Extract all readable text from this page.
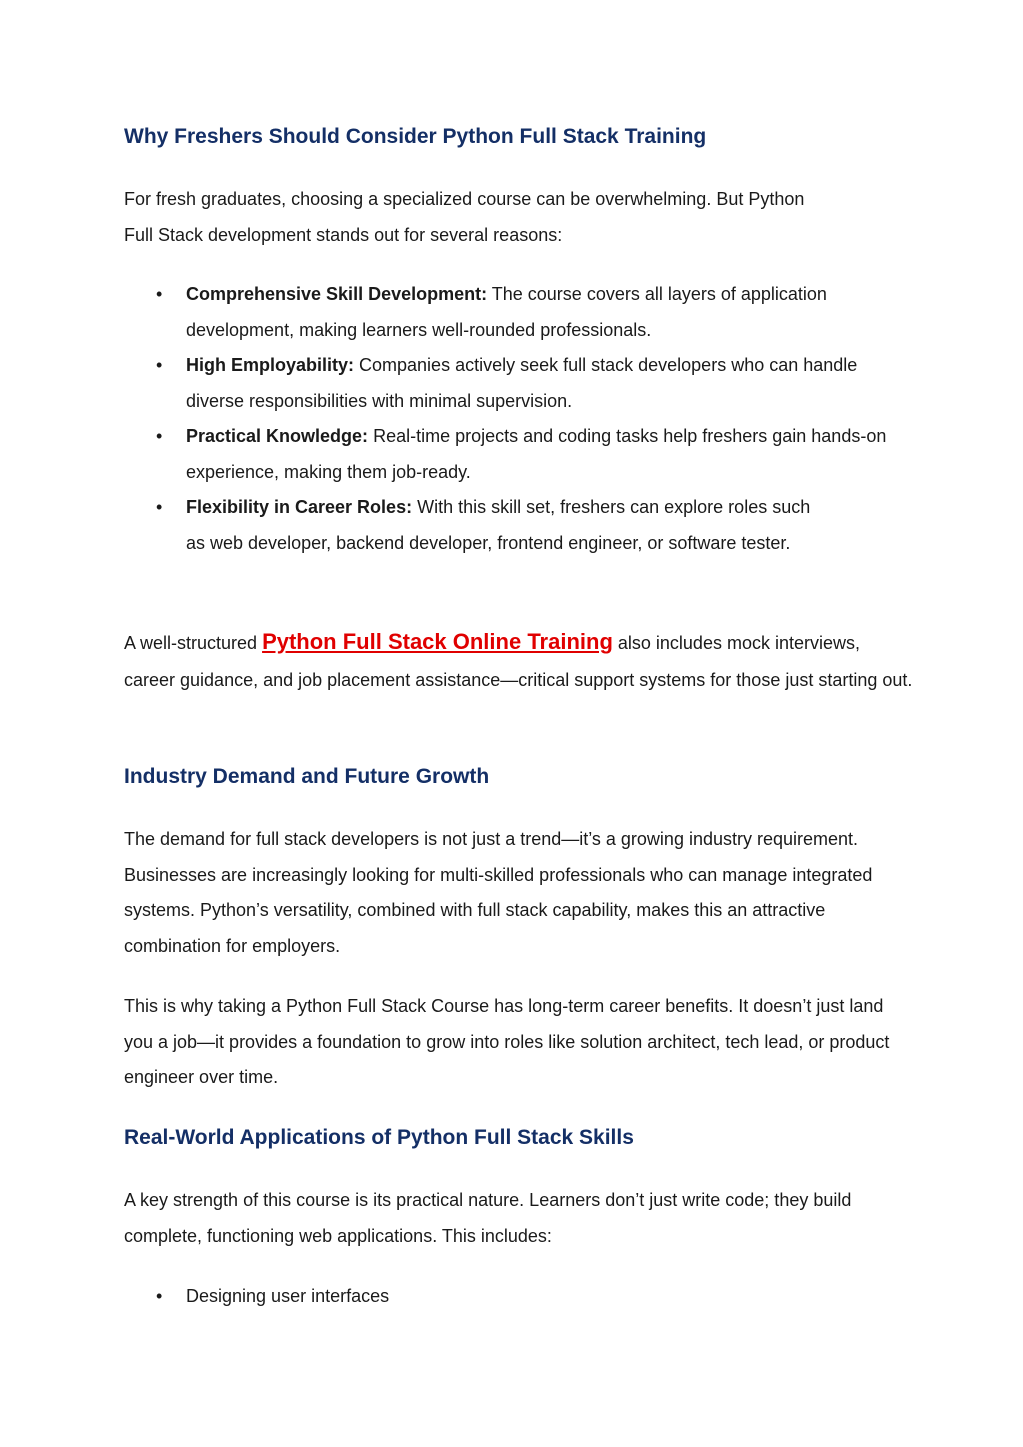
Why Freshers Should Consider Python Full Stack Training

For fresh graduates, choosing a specialized course can be overwhelming. But Python Full Stack development stands out for several reasons:

• Comprehensive Skill Development: The course covers all layers of application development, making learners well-rounded professionals.
• High Employability: Companies actively seek full stack developers who can handle diverse responsibilities with minimal supervision.
• Practical Knowledge: Real-time projects and coding tasks help freshers gain hands-on experience, making them job-ready.
• Flexibility in Career Roles: With this skill set, freshers can explore roles such as web developer, backend developer, frontend engineer, or software tester.

A well-structured Python Full Stack Online Training also includes mock interviews, career guidance, and job placement assistance—critical support systems for those just starting out.

Industry Demand and Future Growth

The demand for full stack developers is not just a trend—it’s a growing industry requirement. Businesses are increasingly looking for multi-skilled professionals who can manage integrated systems. Python’s versatility, combined with full stack capability, makes this an attractive combination for employers.

This is why taking a Python Full Stack Course has long-term career benefits. It doesn’t just land you a job—it provides a foundation to grow into roles like solution architect, tech lead, or product engineer over time.

Real-World Applications of Python Full Stack Skills

A key strength of this course is its practical nature. Learners don’t just write code; they build complete, functioning web applications. This includes:

• Designing user interfaces
